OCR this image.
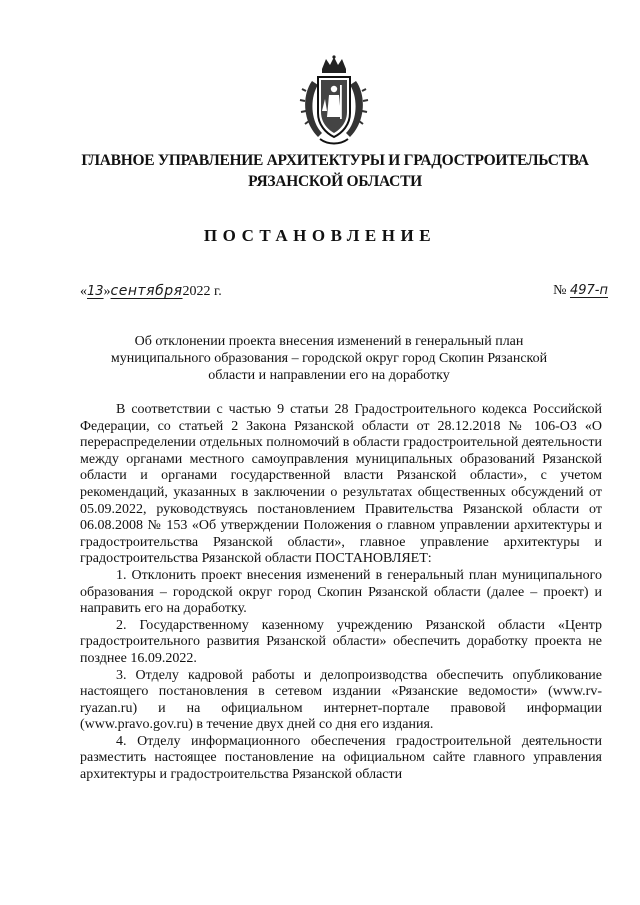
ГЛАВНОЕ УПРАВЛЕНИЕ АРХИТЕКТУРЫ И ГРАДОСТРОИТЕЛЬСТВА
РЯЗАНСКОЙ ОБЛАСТИ
ПОСТАНОВЛЕНИЕ
«13»сентября2022 г.	№ 497-п
Об отклонении проекта внесения изменений в генеральный план
муниципального образования – городской округ город Скопин Рязанской
области и направлении его на доработку

В соответствии с частью 9 статьи 28 Градостроительного кодекса Российской Федерации, со статьей 2 Закона Рязанской области от 28.12.2018 № 106-ОЗ «О перераспределении отдельных полномочий в области градостроительной деятельности между органами местного самоуправления муниципальных образований Рязанской области и органами государственной власти Рязанской области», с учетом рекомендаций, указанных в заключении о результатах общественных обсуждений от 05.09.2022, руководствуясь постановлением Правительства Рязанской области от 06.08.2008 № 153 «Об утверждении Положения о главном управлении архитектуры и градостроительства Рязанской области», главное управление архитектуры и градостроительства Рязанской области ПОСТАНОВЛЯЕТ:

1. Отклонить проект внесения изменений в генеральный план муниципального образования – городской округ город Скопин Рязанской области (далее – проект) и направить его на доработку.

2. Государственному казенному учреждению Рязанской области «Центр градостроительного развития Рязанской области» обеспечить доработку проекта не позднее 16.09.2022.

3. Отделу кадровой работы и делопроизводства обеспечить опубликование настоящего постановления в сетевом издании «Рязанские ведомости» (www.rv-ryazan.ru) и на официальном интернет-портале правовой информации (www.pravo.gov.ru) в течение двух дней со дня его издания.

4. Отделу информационного обеспечения градостроительной деятельности разместить настоящее постановление на официальном сайте главного управления архитектуры и градостроительства Рязанской области
